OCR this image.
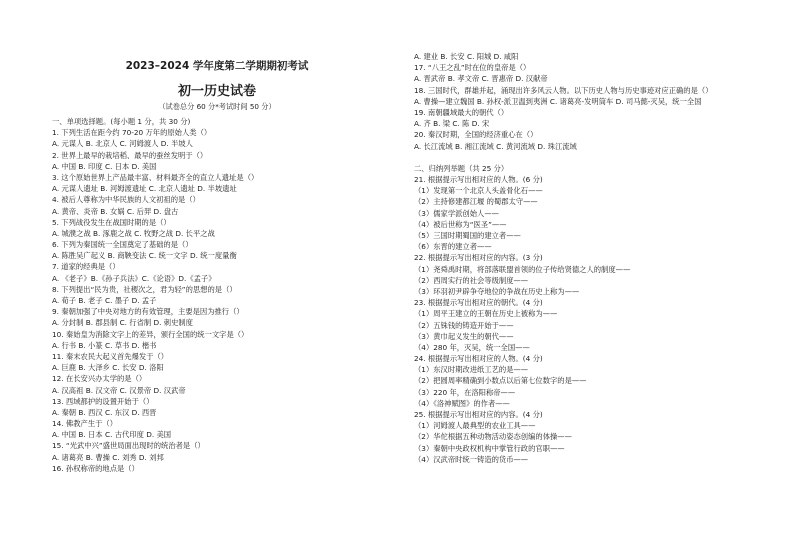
2023–2024 学年度第二学期期初考试
初一历史试卷
（试卷总分 60 分*考试时间 50 分）
一、单项选择题。(每小题 1 分，共 30 分)
1. 下列生活在距今约 70-20 万年的原始人类（）
A. 元谋人 B. 北京人 C. 河姆渡人 D. 半坡人
2. 世界上最早的栽培稻、最早的蚕丝发明于（）
A. 中国 B. 印度 C. 日本 D. 美国
3. 这个原始世界上产品最丰富、材料最齐全的直立人遗址是（）
A. 元谋人遗址 B. 河姆渡遗址 C. 北京人遗址 D. 半坡遗址
4. 被后人尊称为中华民族的人文初祖的是（）
A. 黄帝、炎帝 B. 女娲 C. 后羿 D. 盘古
5. 下列战役发生在战国时期的是（）
A. 城濮之战 B. 涿鹿之战 C. 牧野之战 D. 长平之战
6. 下列为秦国统一全国奠定了基础的是（）
A. 陈胜吴广起义 B. 商鞅变法 C. 统一文字 D. 统一度量衡
7. 道家的经典是（）
A. 《老子》B.《孙子兵法》C.《论语》D.《孟子》
8. 下列提出“民为贵，社稷次之，君为轻”的思想的是（）
A. 荀子 B. 老子 C. 墨子 D. 孟子
9. 秦朝加强了中央对地方的有效管理，主要是因为推行（）
A. 分封制 B. 郡县制 C. 行省制 D. 刺史制度
10. 秦始皇为消除文字上的差异，颁行全国的统一文字是（）
A. 行书 B. 小篆 C. 草书 D. 楷书
11. 秦末农民大起义首先爆发于（）
A. 巨鹿 B. 大泽乡 C. 长安 D. 洛阳
12. 在长安兴办太学的是（）
A. 汉高祖 B. 汉文帝 C. 汉景帝 D. 汉武帝
13. 西域都护的设置开始于（）
A. 秦朝 B. 西汉 C. 东汉 D. 西晋
14. 佛教产生于（）
A. 中国 B. 日本 C. 古代印度 D. 美国
15. “光武中兴”盛世局面出现时的统治者是（）
A. 诸葛亮 B. 曹操 C. 刘秀 D. 刘邦
16. 孙权称帝的地点是（）
A. 建业 B. 长安 C. 阳城 D. 咸阳
17. “八王之乱”时在位的皇帝是（）
A. 晋武帝 B. 孝文帝 C. 晋惠帝 D. 汉献帝
18. 三国时代，群雄并起，涌现出许多风云人物。以下历史人物与历史事迹对应正确的是（）
A. 曹操—建立魏国 B. 孙权-派卫温到夷洲 C. 诸葛亮-发明筒车 D. 司马懿-灭吴，统一全国
19. 南朝疆域最大的朝代（）
A. 齐 B. 梁 C. 陈 D. 宋
20. 秦汉时期，全国的经济重心在（）
A. 长江流域 B. 湘江流域 C. 黄河流域 D. 珠江流域
二、归纳列举题（共 25 分）
21. 根据提示写出相对应的人物。(6 分)
（1）发现第一个北京人头盖骨化石——
（2）主持修建都江堰 的蜀郡太守——
（3）儒家学派创始人——
（4）被后世称为“医圣”——
（5）三国时期蜀国的建立者——
（6）东晋的建立者——
22. 根据提示写出相对应的内容。(3 分)
（1）尧舜禹时期，将部落联盟首领的位子传给贤德之人的制度——
（2）西周实行的社会等级制度——
（3）环羽初尹辟争夺地位的争战在历史上称为——
23. 根据提示写出相对应的朝代。(4 分)
（1）周平王建立的王朝在历史上被称为——
（2）五铢钱的铸造开始于——
（3）黄巾起义发生的朝代——
（4）280 年，灭吴，统一全国——
24. 根据提示写出相对应的人物。(4 分)
（1）东汉时期改进纸工艺的是——
（2）把圆周率精确到小数点以后第七位数字的是——
（3）220 年，在洛阳称帝——
（4）《洛神赋图》的作者——
25. 根据提示写出相对应的内容。(4 分)
（1）河姆渡人最典型的农业工具——
（2）华佗根据五种动物活动姿态创编的体操——
（3）秦朝中央政权机构中掌管行政的官职——
（4）汉武帝时统一铸造的货币——
